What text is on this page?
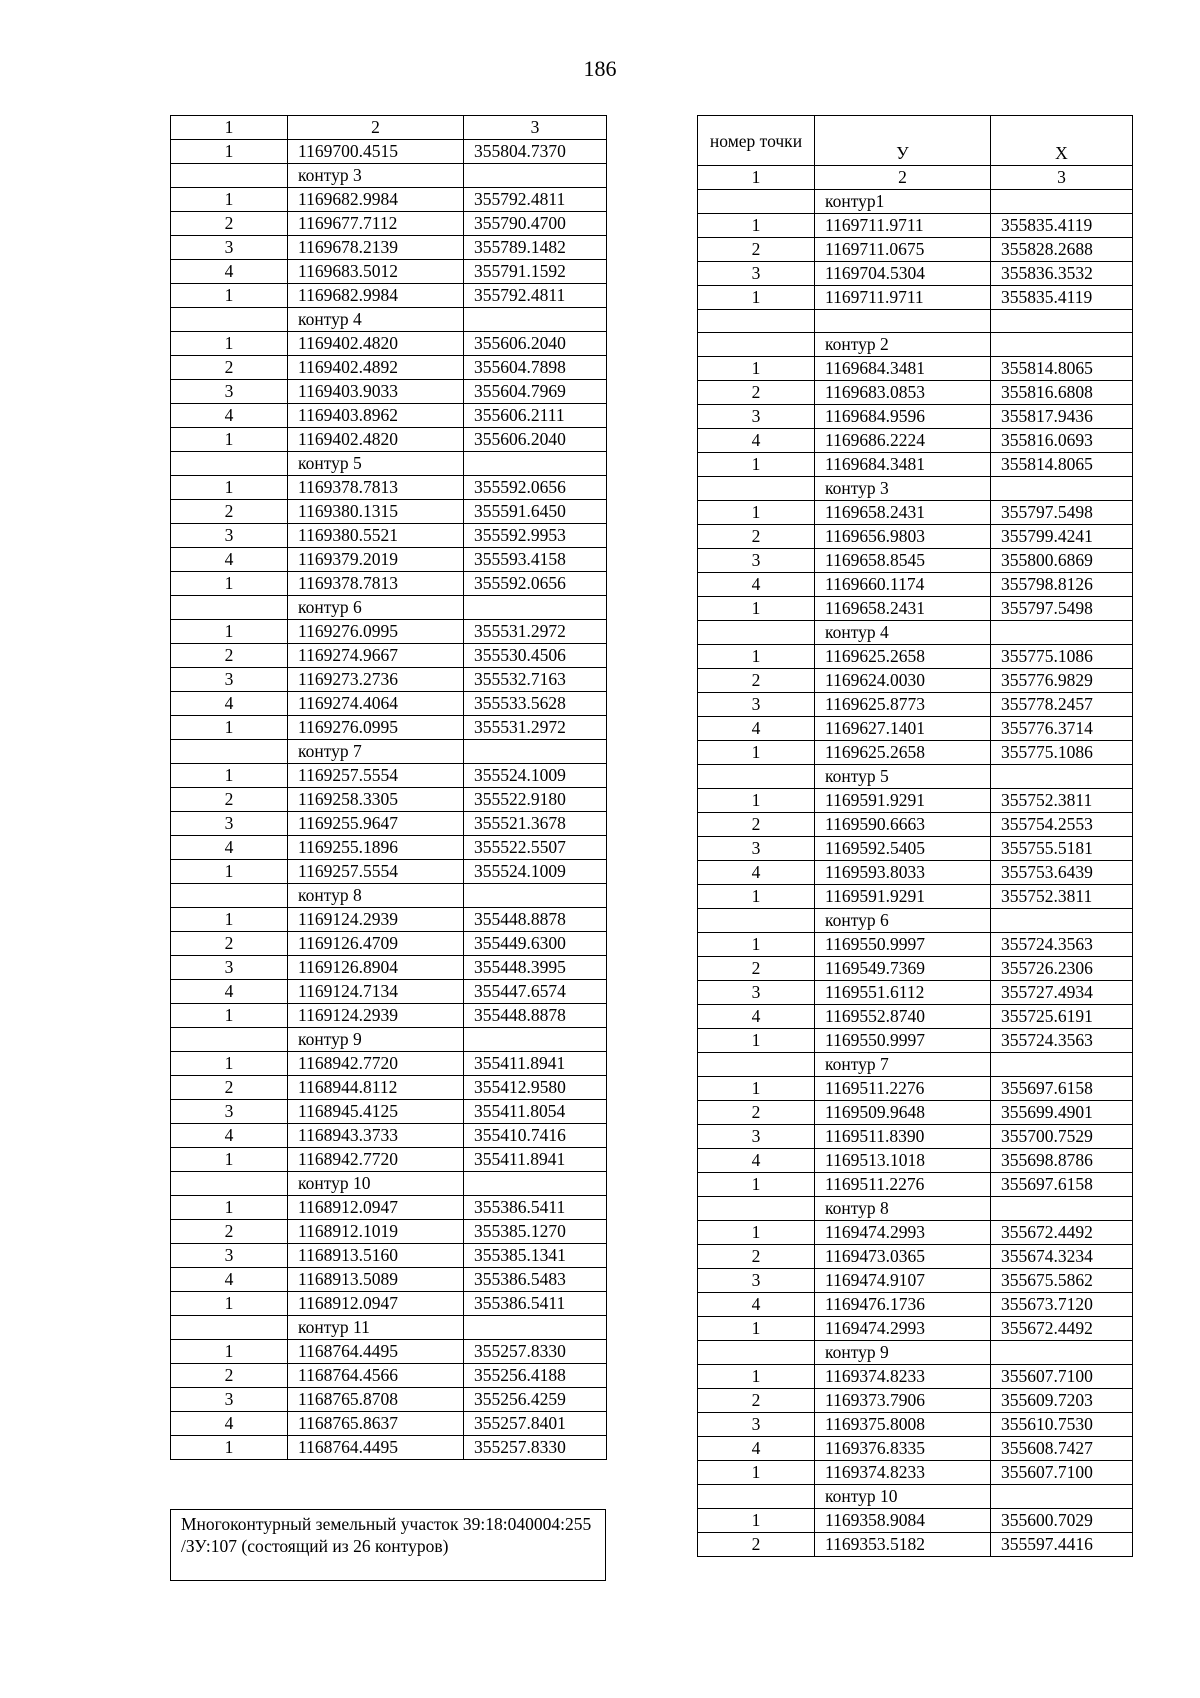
186
1	2	3
1	1169700.4515	355804.7370
	контур 3	
1	1169682.9984	355792.4811
2	1169677.7112	355790.4700
3	1169678.2139	355789.1482
4	1169683.5012	355791.1592
1	1169682.9984	355792.4811
	контур 4	
1	1169402.4820	355606.2040
2	1169402.4892	355604.7898
3	1169403.9033	355604.7969
4	1169403.8962	355606.2111
1	1169402.4820	355606.2040
	контур 5	
1	1169378.7813	355592.0656
2	1169380.1315	355591.6450
3	1169380.5521	355592.9953
4	1169379.2019	355593.4158
1	1169378.7813	355592.0656
	контур 6	
1	1169276.0995	355531.2972
2	1169274.9667	355530.4506
3	1169273.2736	355532.7163
4	1169274.4064	355533.5628
1	1169276.0995	355531.2972
	контур 7	
1	1169257.5554	355524.1009
2	1169258.3305	355522.9180
3	1169255.9647	355521.3678
4	1169255.1896	355522.5507
1	1169257.5554	355524.1009
	контур 8	
1	1169124.2939	355448.8878
2	1169126.4709	355449.6300
3	1169126.8904	355448.3995
4	1169124.7134	355447.6574
1	1169124.2939	355448.8878
	контур 9	
1	1168942.7720	355411.8941
2	1168944.8112	355412.9580
3	1168945.4125	355411.8054
4	1168943.3733	355410.7416
1	1168942.7720	355411.8941
	контур 10	
1	1168912.0947	355386.5411
2	1168912.1019	355385.1270
3	1168913.5160	355385.1341
4	1168913.5089	355386.5483
1	1168912.0947	355386.5411
	контур 11	
1	1168764.4495	355257.8330
2	1168764.4566	355256.4188
3	1168765.8708	355256.4259
4	1168765.8637	355257.8401
1	1168764.4495	355257.8330
Многоконтурный земельный участок 39:18:040004:255 /ЗУ:107 (состоящий из 26 контуров)
номер точки	У	Х
1	2	3
	контур1	
1	1169711.9711	355835.4119
2	1169711.0675	355828.2688
3	1169704.5304	355836.3532
1	1169711.9711	355835.4119

	контур 2	
1	1169684.3481	355814.8065
2	1169683.0853	355816.6808
3	1169684.9596	355817.9436
4	1169686.2224	355816.0693
1	1169684.3481	355814.8065
	контур 3	
1	1169658.2431	355797.5498
2	1169656.9803	355799.4241
3	1169658.8545	355800.6869
4	1169660.1174	355798.8126
1	1169658.2431	355797.5498
	контур 4	
1	1169625.2658	355775.1086
2	1169624.0030	355776.9829
3	1169625.8773	355778.2457
4	1169627.1401	355776.3714
1	1169625.2658	355775.1086
	контур 5	
1	1169591.9291	355752.3811
2	1169590.6663	355754.2553
3	1169592.5405	355755.5181
4	1169593.8033	355753.6439
1	1169591.9291	355752.3811
	контур 6	
1	1169550.9997	355724.3563
2	1169549.7369	355726.2306
3	1169551.6112	355727.4934
4	1169552.8740	355725.6191
1	1169550.9997	355724.3563
	контур 7	
1	1169511.2276	355697.6158
2	1169509.9648	355699.4901
3	1169511.8390	355700.7529
4	1169513.1018	355698.8786
1	1169511.2276	355697.6158
	контур 8	
1	1169474.2993	355672.4492
2	1169473.0365	355674.3234
3	1169474.9107	355675.5862
4	1169476.1736	355673.7120
1	1169474.2993	355672.4492
	контур 9	
1	1169374.8233	355607.7100
2	1169373.7906	355609.7203
3	1169375.8008	355610.7530
4	1169376.8335	355608.7427
1	1169374.8233	355607.7100
	контур 10	
1	1169358.9084	355600.7029
2	1169353.5182	355597.4416
